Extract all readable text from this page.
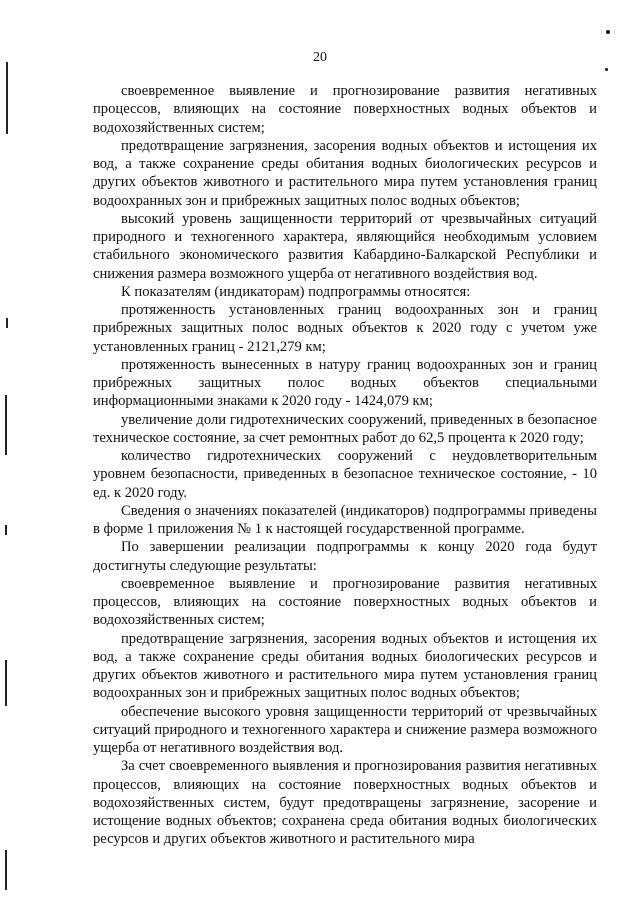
20

своевременное выявление и прогнозирование развития негативных процессов, влияющих на состояние поверхностных водных объектов и водохозяйственных систем;

предотвращение загрязнения, засорения водных объектов и истощения их вод, а также сохранение среды обитания водных биологических ресурсов и других объектов животного и растительного мира путем установления границ водоохранных зон и прибрежных защитных полос водных объектов;

высокий уровень защищенности территорий от чрезвычайных ситуаций природного и техногенного характера, являющийся необходимым условием стабильного экономического развития Кабардино-Балкарской Республики и снижения размера возможного ущерба от негативного воздействия вод.

К показателям (индикаторам) подпрограммы относятся:

протяженность установленных границ водоохранных зон и границ прибрежных защитных полос водных объектов к 2020 году с учетом уже установленных границ - 2121,279 км;

протяженность вынесенных в натуру границ водоохранных зон и границ прибрежных защитных полос водных объектов специальными информационными знаками к 2020 году - 1424,079 км;

увеличение доли гидротехнических сооружений, приведенных в безопасное техническое состояние, за счет ремонтных работ до 62,5 процента к 2020 году;

количество гидротехнических сооружений с неудовлетворительным уровнем безопасности, приведенных в безопасное техническое состояние, - 10 ед. к 2020 году.

Сведения о значениях показателей (индикаторов) подпрограммы приведены в форме 1 приложения № 1 к настоящей государственной программе.

По завершении реализации подпрограммы к концу 2020 года будут достигнуты следующие результаты:

своевременное выявление и прогнозирование развития негативных процессов, влияющих на состояние поверхностных водных объектов и водохозяйственных систем;

предотвращение загрязнения, засорения водных объектов и истощения их вод, а также сохранение среды обитания водных биологических ресурсов и других объектов животного и растительного мира путем установления границ водоохранных зон и прибрежных защитных полос водных объектов;

обеспечение высокого уровня защищенности территорий от чрезвычайных ситуаций природного и техногенного характера и снижение размера возможного ущерба от негативного воздействия вод.

За счет своевременного выявления и прогнозирования развития негативных процессов, влияющих на состояние поверхностных водных объектов и водохозяйственных систем, будут предотвращены загрязнение, засорение и истощение водных объектов; сохранена среда обитания водных биологических ресурсов и других объектов животного и растительного мира
